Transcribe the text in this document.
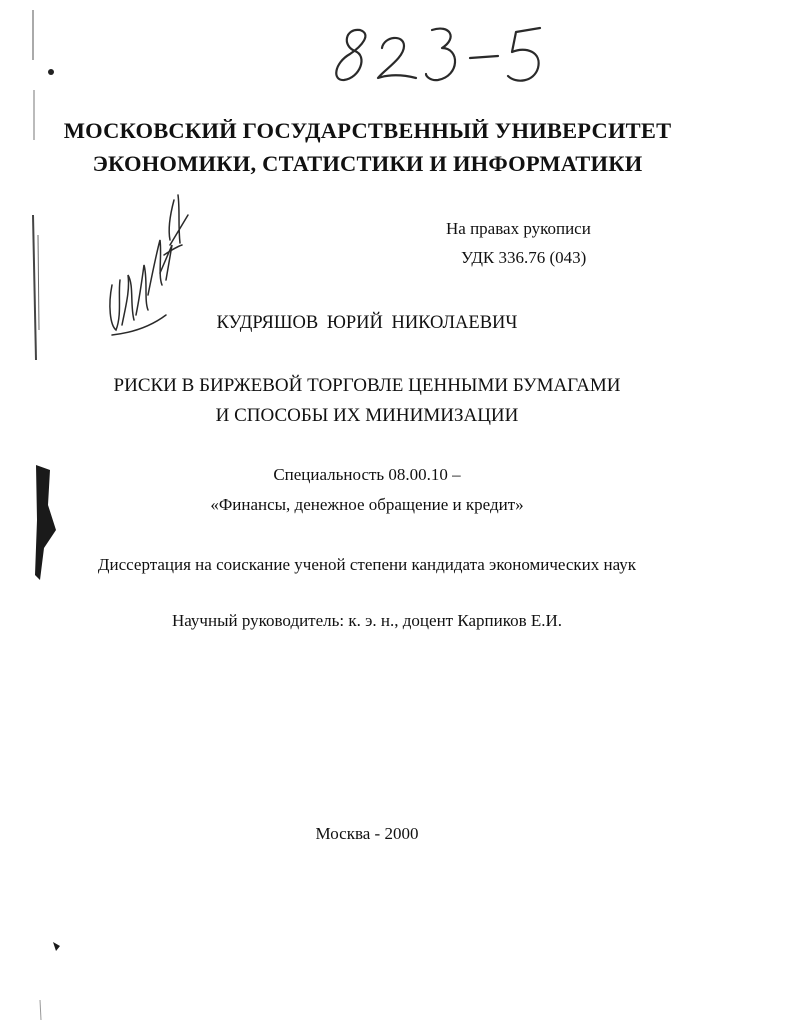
МОСКОВСКИЙ ГОСУДАРСТВЕННЫЙ УНИВЕРСИТЕТ
ЭКОНОМИКИ, СТАТИСТИКИ И ИНФОРМАТИКИ
На правах рукописи
УДК 336.76 (043)
КУДРЯШОВ ЮРИЙ НИКОЛАЕВИЧ
РИСКИ В БИРЖЕВОЙ ТОРГОВЛЕ ЦЕННЫМИ БУМАГАМИ
И СПОСОБЫ ИХ МИНИМИЗАЦИИ
Специальность 08.00.10 –
«Финансы, денежное обращение и кредит»
Диссертация на соискание ученой степени кандидата экономических наук
Научный руководитель: к. э. н., доцент Карпиков Е.И.
Москва - 2000
